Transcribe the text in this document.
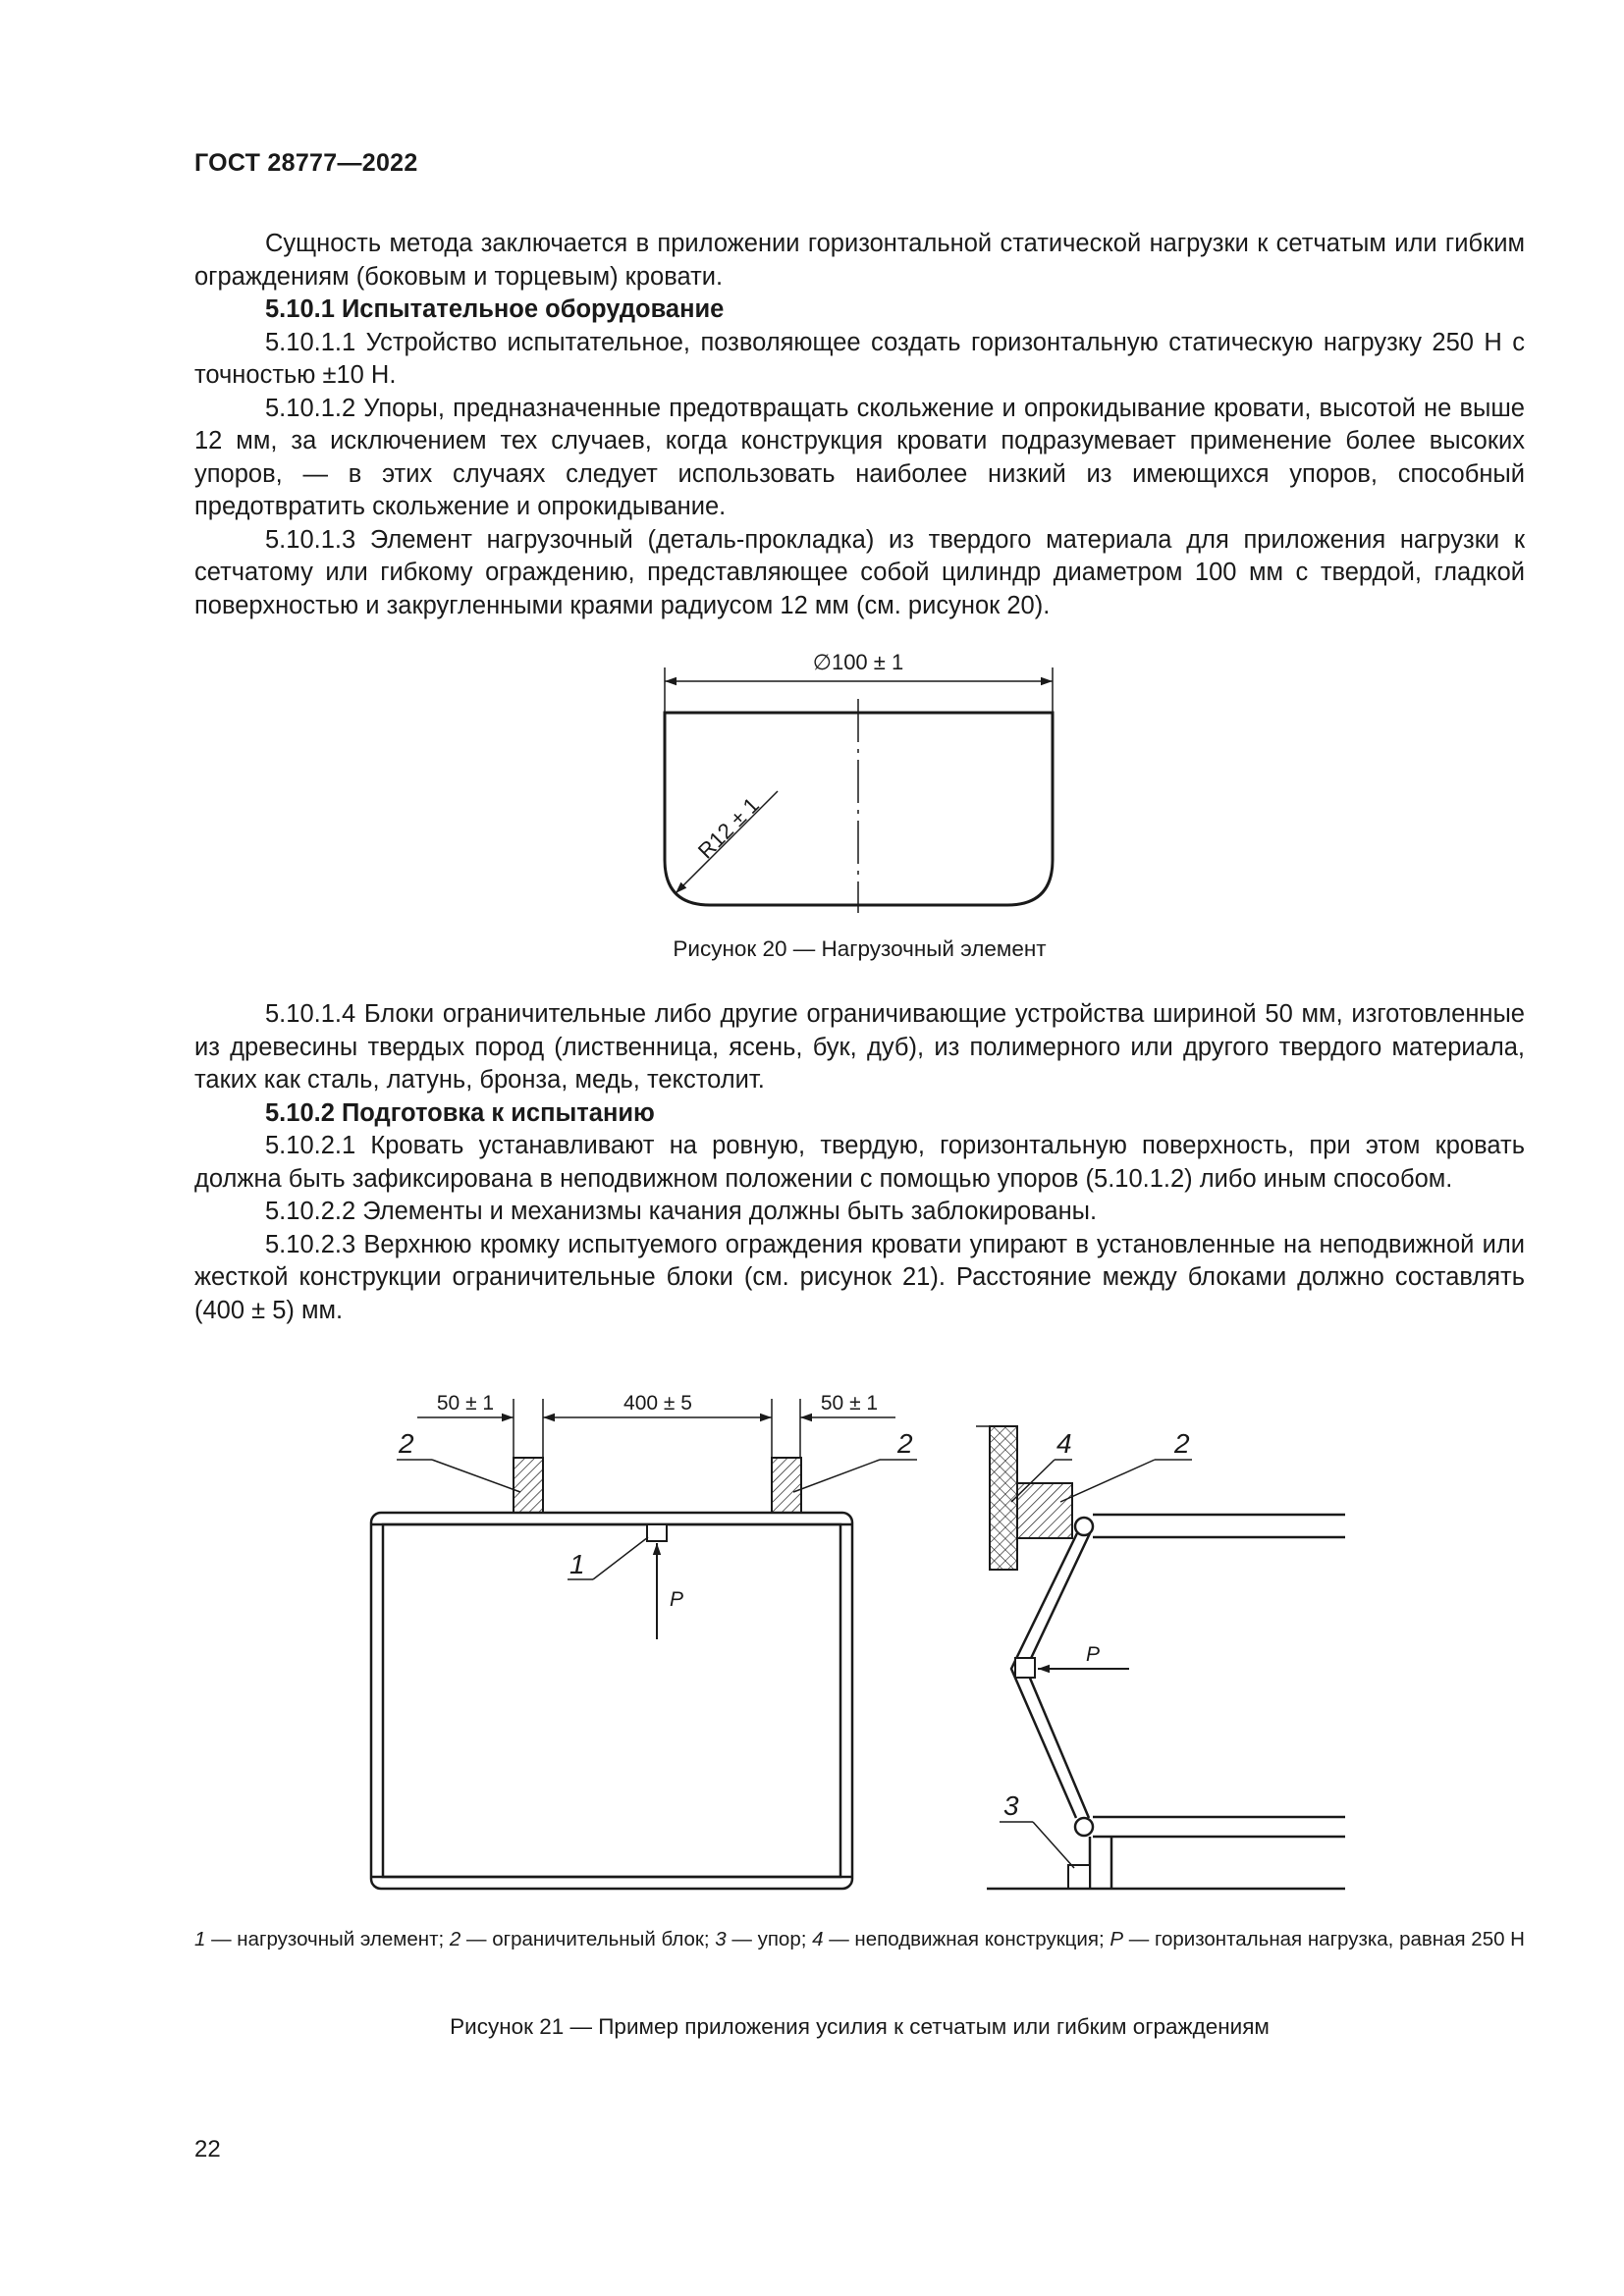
ГОСТ 28777—2022

Сущность метода заключается в приложении горизонтальной статической нагрузки к сетчатым или гибким ограждениям (боковым и торцевым) кровати.

5.10.1 Испытательное оборудование

5.10.1.1 Устройство испытательное, позволяющее создать горизонтальную статическую нагрузку 250 Н с точностью ±10 Н.

5.10.1.2 Упоры, предназначенные предотвращать скольжение и опрокидывание кровати, высотой не выше 12 мм, за исключением тех случаев, когда конструкция кровати подразумевает применение более высоких упоров, — в этих случаях следует использовать наиболее низкий из имеющихся упоров, способный предотвратить скольжение и опрокидывание.

5.10.1.3 Элемент нагрузочный (деталь-прокладка) из твердого материала для приложения нагрузки к сетчатому или гибкому ограждению, представляющее собой цилиндр диаметром 100 мм с твердой, гладкой поверхностью и закругленными краями радиусом 12 мм (см. рисунок 20).

∅100 ± 1
R12 ± 1
Рисунок 20 — Нагрузочный элемент

5.10.1.4 Блоки ограничительные либо другие ограничивающие устройства шириной 50 мм, изготовленные из древесины твердых пород (лиственница, ясень, бук, дуб), из полимерного или другого твердого материала, таких как сталь, латунь, бронза, медь, текстолит.

5.10.2 Подготовка к испытанию

5.10.2.1 Кровать устанавливают на ровную, твердую, горизонтальную поверхность, при этом кровать должна быть зафиксирована в неподвижном положении с помощью упоров (5.10.1.2) либо иным способом.

5.10.2.2 Элементы и механизмы качания должны быть заблокированы.

5.10.2.3 Верхнюю кромку испытуемого ограждения кровати упирают в установленные на неподвижной или жесткой конструкции ограничительные блоки (см. рисунок 21). Расстояние между блоками должно составлять (400 ± 5) мм.

50 ± 1	400 ± 5	50 ± 1
2	2
P
1
4	2
P
3
1 — нагрузочный элемент; 2 — ограничительный блок; 3 — упор; 4 — неподвижная конструкция; P — горизонтальная нагрузка, равная 250 Н
Рисунок 21 — Пример приложения усилия к сетчатым или гибким ограждениям
22
